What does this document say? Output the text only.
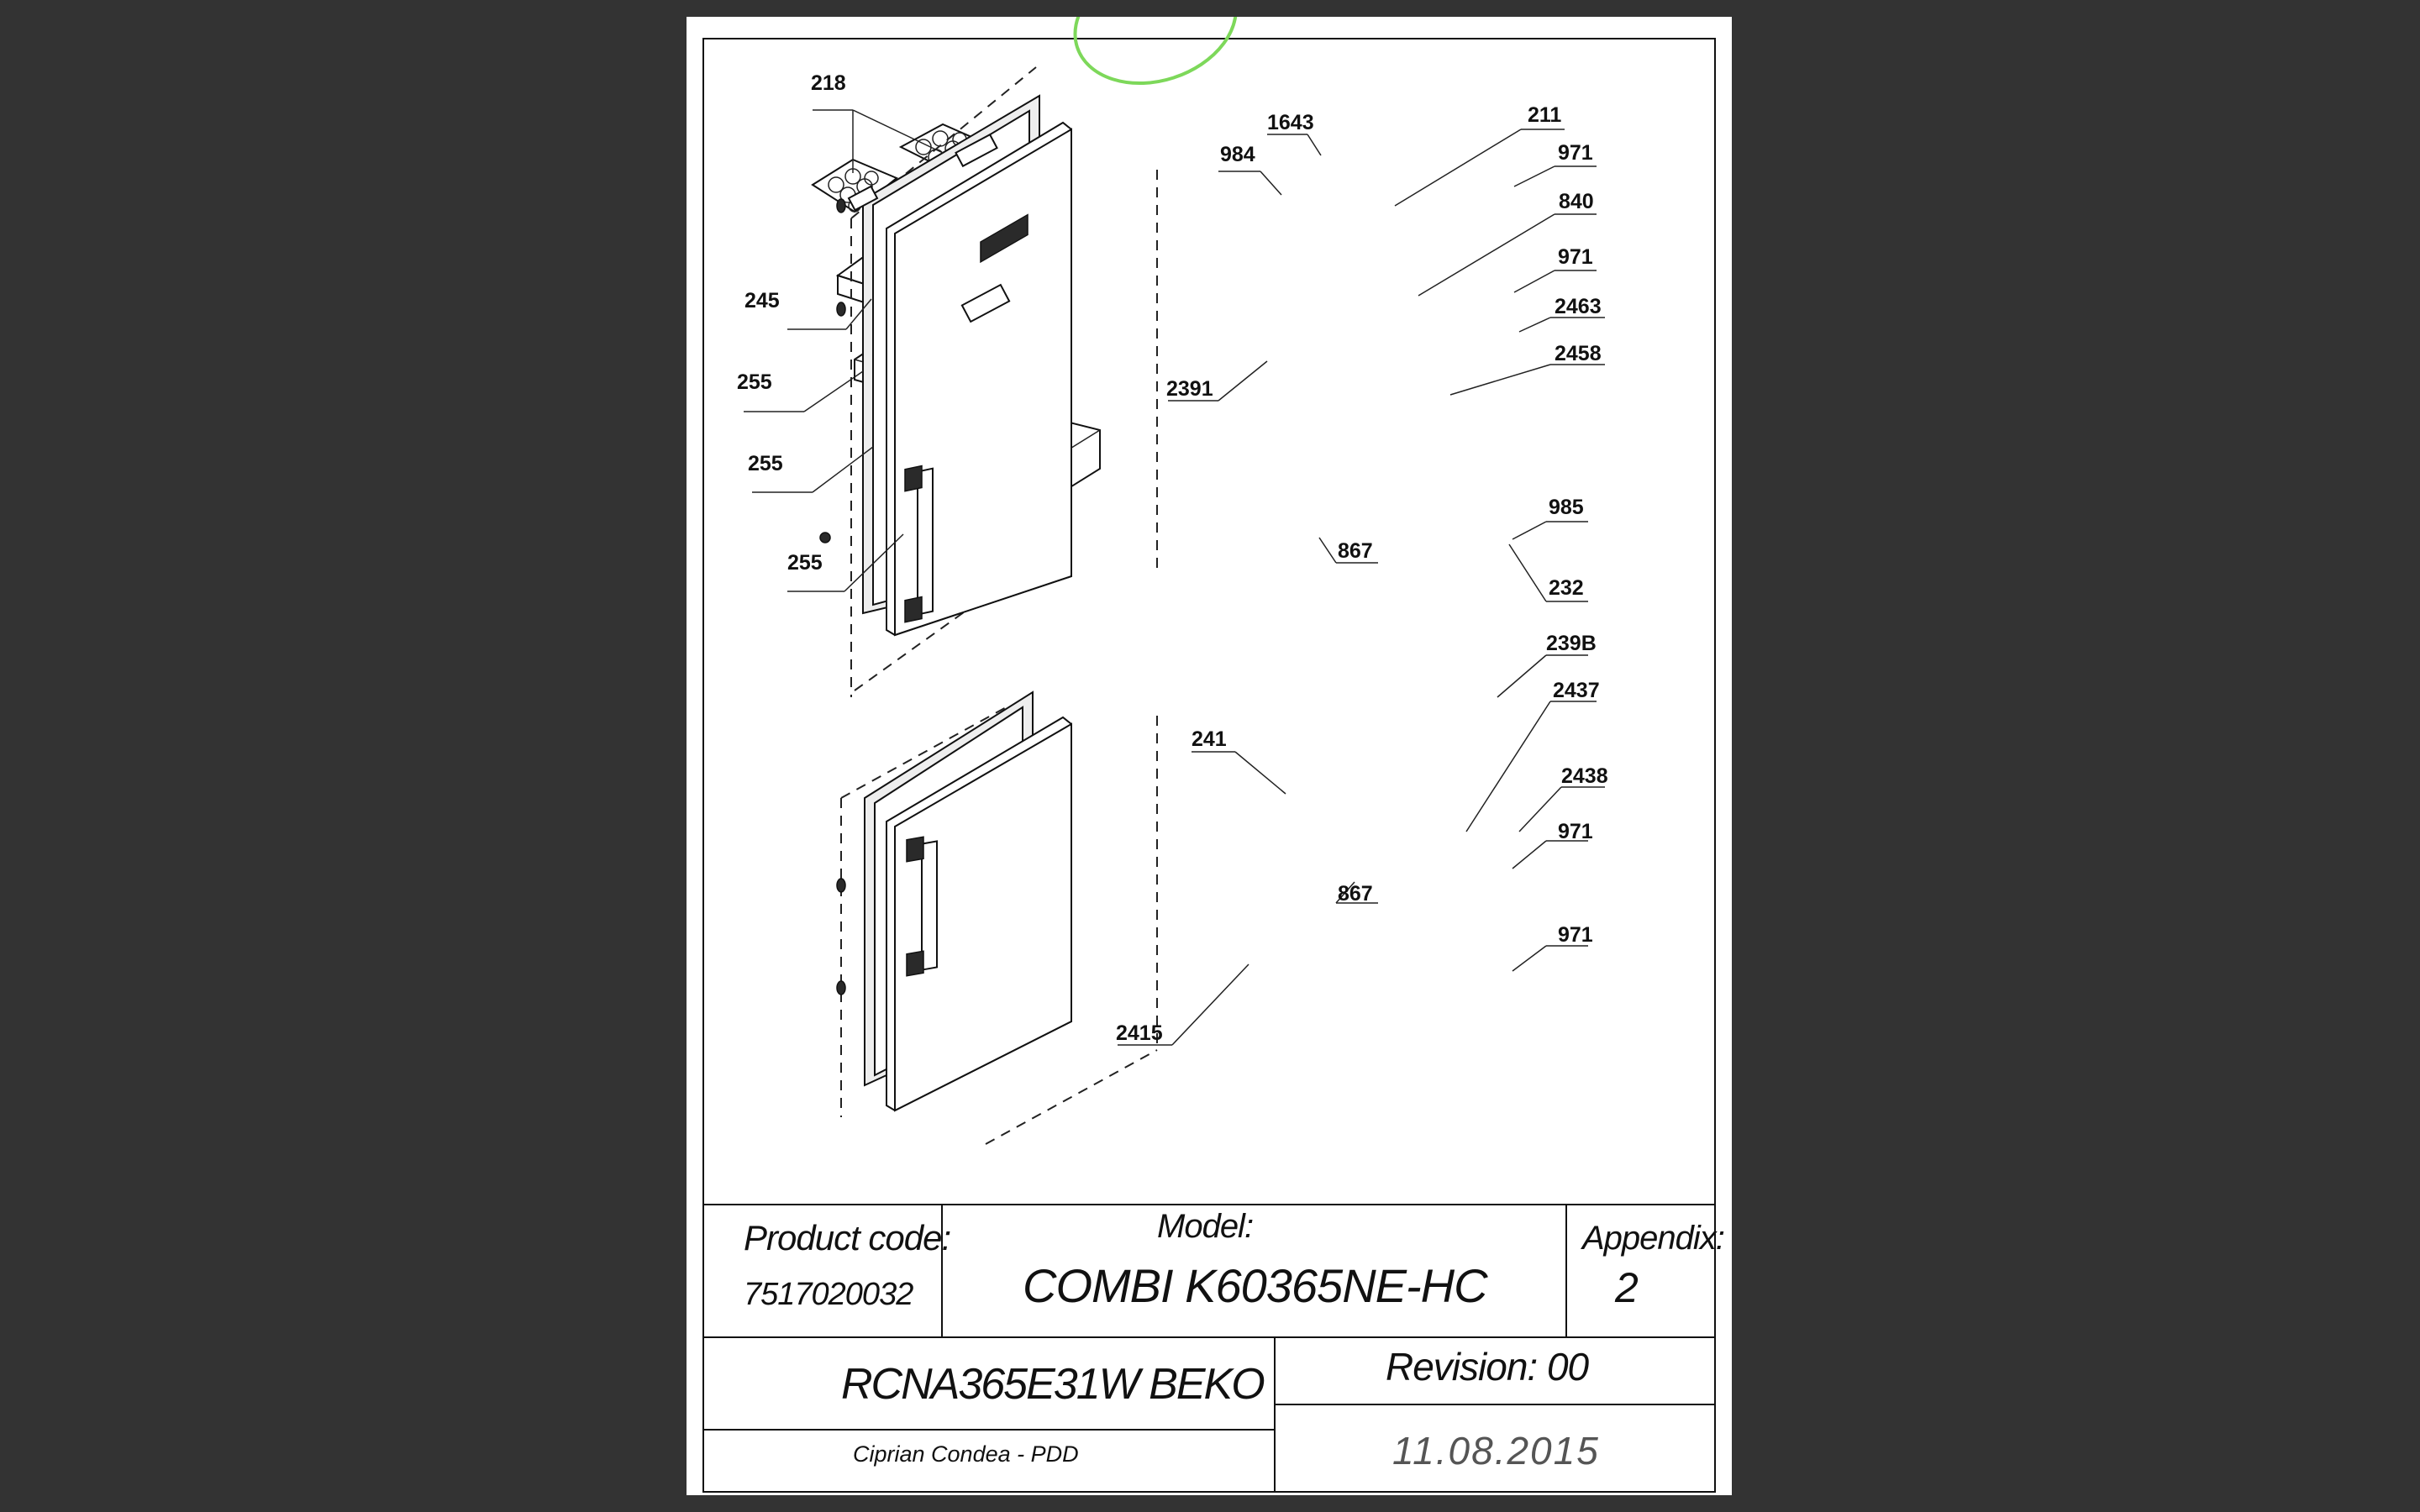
218
245
255
255
255
1643
984
211
971
840
971
2463
2458
2391
985
867
232
239B
2437
241
2438
971
867
971
2415
Product code:
7517020032
Model:
COMBI K60365NE-HC
Appendix:
2
RCNA365E31W BEKO	Revision: 00
Ciprian Condea - PDD	11.08.2015
